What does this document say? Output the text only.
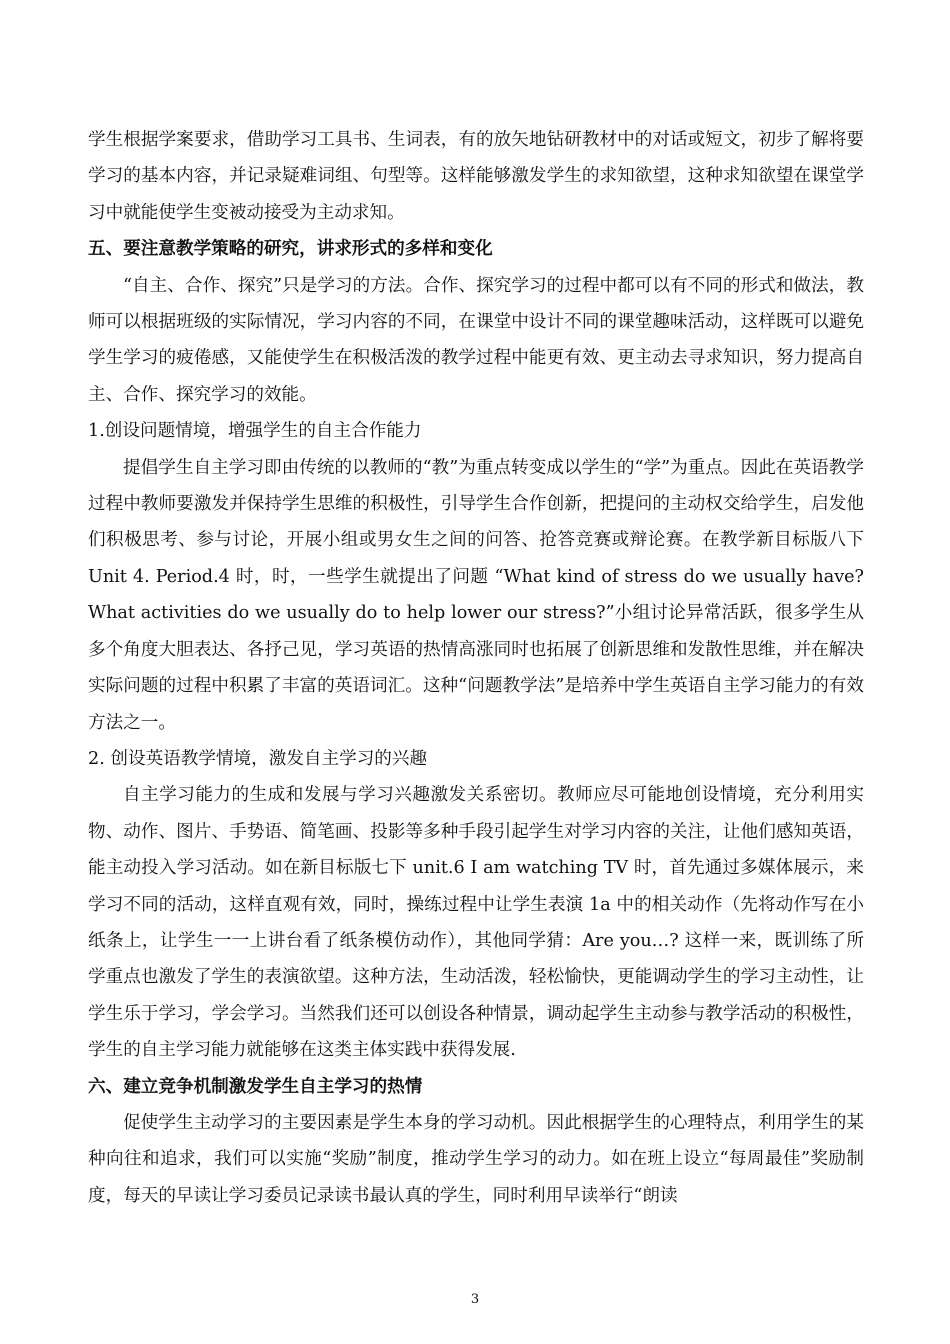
学生根据学案要求，借助学习工具书、生词表，有的放矢地钻研教材中的对话或短文，初步了解将要学习的基本内容，并记录疑难词组、句型等。这样能够激发学生的求知欲望，这种求知欲望在课堂学习中就能使学生变被动接受为主动求知。

五、要注意教学策略的研究，讲求形式的多样和变化

“自主、合作、探究”只是学习的方法。合作、探究学习的过程中都可以有不同的形式和做法，教师可以根据班级的实际情况，学习内容的不同，在课堂中设计不同的课堂趣味活动，这样既可以避免学生学习的疲倦感，又能使学生在积极活泼的教学过程中能更有效、更主动去寻求知识，努力提高自主、合作、探究学习的效能。

1.创设问题情境，增强学生的自主合作能力

提倡学生自主学习即由传统的以教师的“教”为重点转变成以学生的“学”为重点。因此在英语教学过程中教师要激发并保持学生思维的积极性，引导学生合作创新，把提问的主动权交给学生，启发他们积极思考、参与讨论，开展小组或男女生之间的问答、抢答竞赛或辩论赛。在教学新目标版八下 Unit 4. Period.4 时，时，一些学生就提出了问题 “What kind of stress do we usually have? What activities do we usually do to help lower our stress?”小组讨论异常活跃，很多学生从多个角度大胆表达、各抒己见，学习英语的热情高涨同时也拓展了创新思维和发散性思维，并在解决实际问题的过程中积累了丰富的英语词汇。这种“问题教学法”是培养中学生英语自主学习能力的有效方法之一。

2. 创设英语教学情境，激发自主学习的兴趣

自主学习能力的生成和发展与学习兴趣激发关系密切。教师应尽可能地创设情境，充分利用实物、动作、图片、手势语、简笔画、投影等多种手段引起学生对学习内容的关注，让他们感知英语，能主动投入学习活动。如在新目标版七下 unit.6 I am watching TV 时，首先通过多媒体展示，来学习不同的活动，这样直观有效，同时，操练过程中让学生表演 1a 中的相关动作（先将动作写在小纸条上，让学生一一上讲台看了纸条模仿动作），其他同学猜：Are you…? 这样一来，既训练了所学重点也激发了学生的表演欲望。这种方法，生动活泼，轻松愉快，更能调动学生的学习主动性，让学生乐于学习，学会学习。当然我们还可以创设各种情景，调动起学生主动参与教学活动的积极性，学生的自主学习能力就能够在这类主体实践中获得发展.

六、建立竞争机制激发学生自主学习的热情

促使学生主动学习的主要因素是学生本身的学习动机。因此根据学生的心理特点，利用学生的某种向往和追求，我们可以实施“奖励”制度，推动学生学习的动力。如在班上设立“每周最佳”奖励制度，每天的早读让学习委员记录读书最认真的学生，同时利用早读举行“朗读

3
